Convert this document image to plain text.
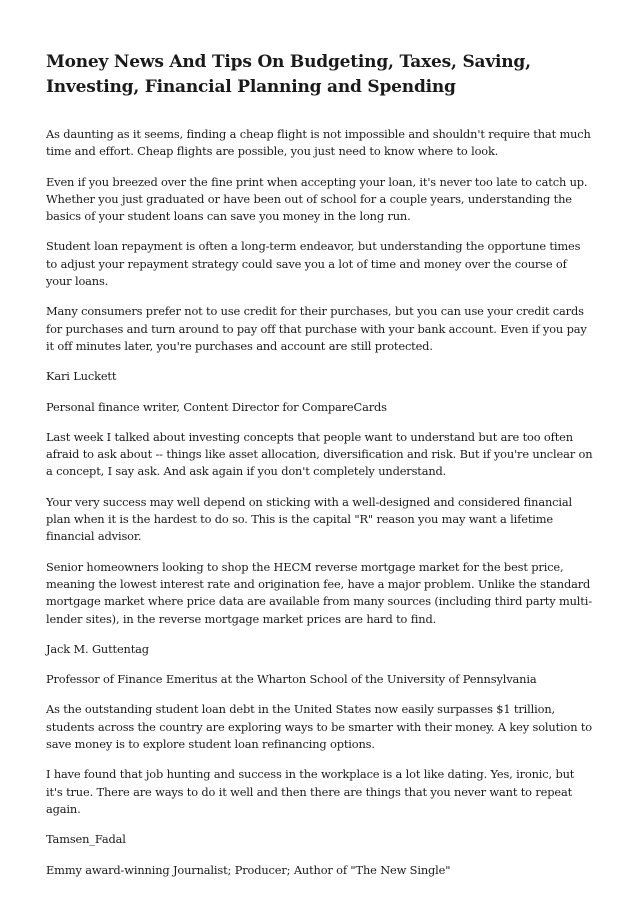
Money News And Tips On Budgeting, Taxes, Saving, Investing, Financial Planning and Spending

As daunting as it seems, finding a cheap flight is not impossible and shouldn't require that much time and effort. Cheap flights are possible, you just need to know where to look.

Even if you breezed over the fine print when accepting your loan, it's never too late to catch up. Whether you just graduated or have been out of school for a couple years, understanding the basics of your student loans can save you money in the long run.

Student loan repayment is often a long-term endeavor, but understanding the opportune times to adjust your repayment strategy could save you a lot of time and money over the course of your loans.

Many consumers prefer not to use credit for their purchases, but you can use your credit cards for purchases and turn around to pay off that purchase with your bank account. Even if you pay it off minutes later, you're purchases and account are still protected.

Kari Luckett

Personal finance writer, Content Director for CompareCards

Last week I talked about investing concepts that people want to understand but are too often afraid to ask about -- things like asset allocation, diversification and risk. But if you're unclear on a concept, I say ask. And ask again if you don't completely understand.

Your very success may well depend on sticking with a well-designed and considered financial plan when it is the hardest to do so. This is the capital "R" reason you may want a lifetime financial advisor.

Senior homeowners looking to shop the HECM reverse mortgage market for the best price, meaning the lowest interest rate and origination fee, have a major problem. Unlike the standard mortgage market where price data are available from many sources (including third party multi-lender sites), in the reverse mortgage market prices are hard to find.

Jack M. Guttentag

Professor of Finance Emeritus at the Wharton School of the University of Pennsylvania

As the outstanding student loan debt in the United States now easily surpasses $1 trillion, students across the country are exploring ways to be smarter with their money. A key solution to save money is to explore student loan refinancing options.

I have found that job hunting and success in the workplace is a lot like dating. Yes, ironic, but it's true. There are ways to do it well and then there are things that you never want to repeat again.

Tamsen_Fadal

Emmy award-winning Journalist; Producer; Author of "The New Single"
